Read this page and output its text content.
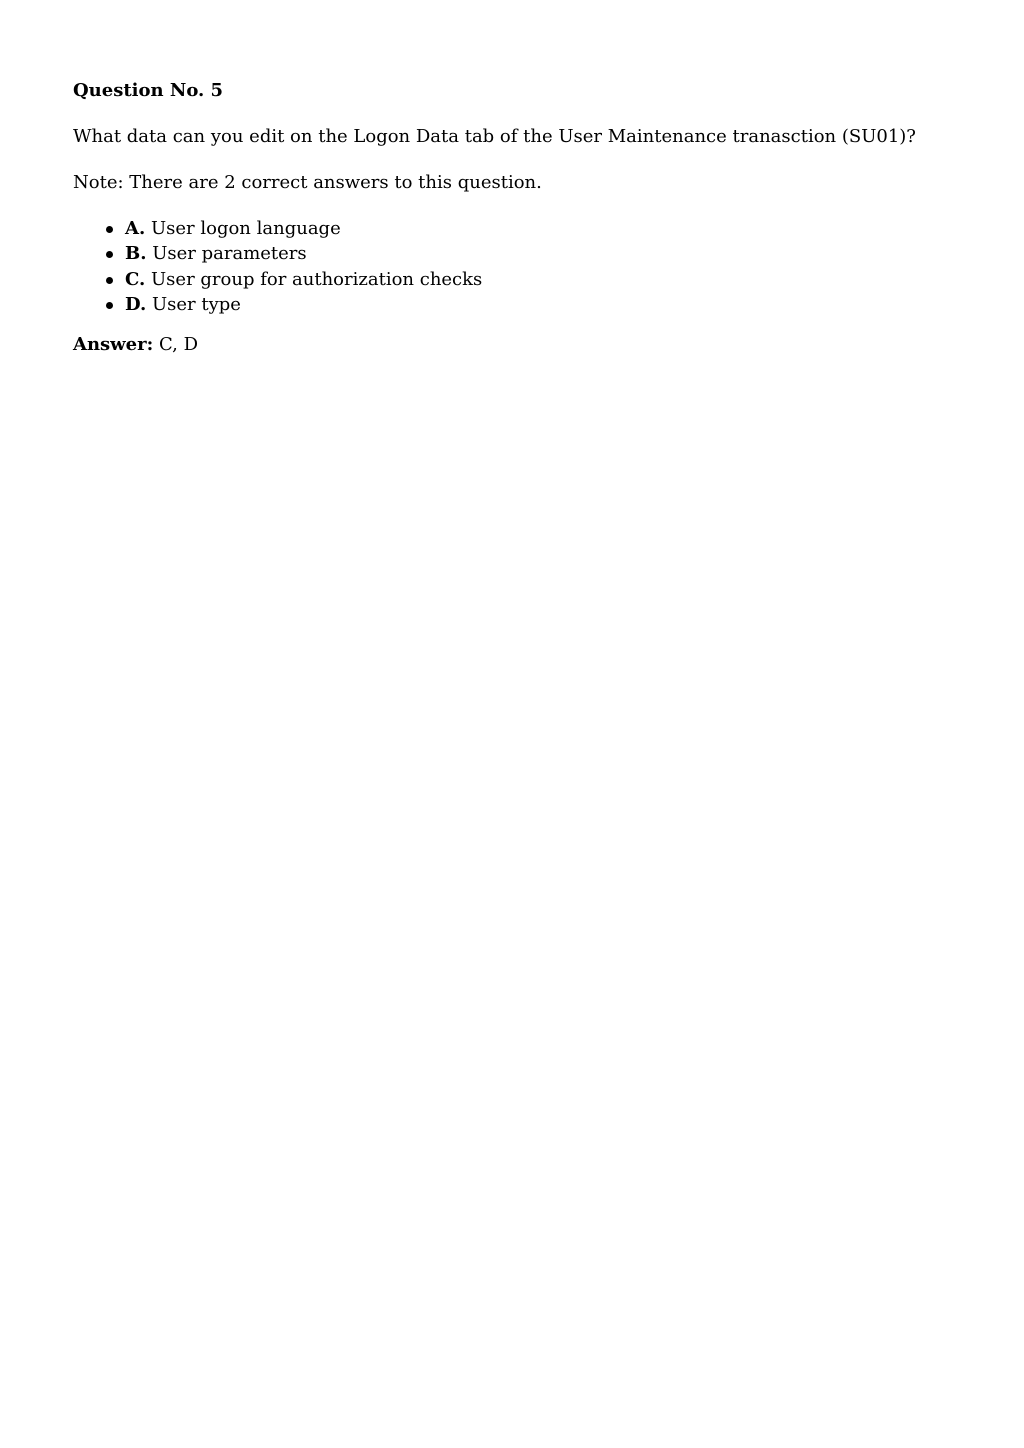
Question No. 5

What data can you edit on the Logon Data tab of the User Maintenance tranasction (SU01)?

Note: There are 2 correct answers to this question.

A. User logon language
B. User parameters
C. User group for authorization checks
D. User type

Answer: C, D
